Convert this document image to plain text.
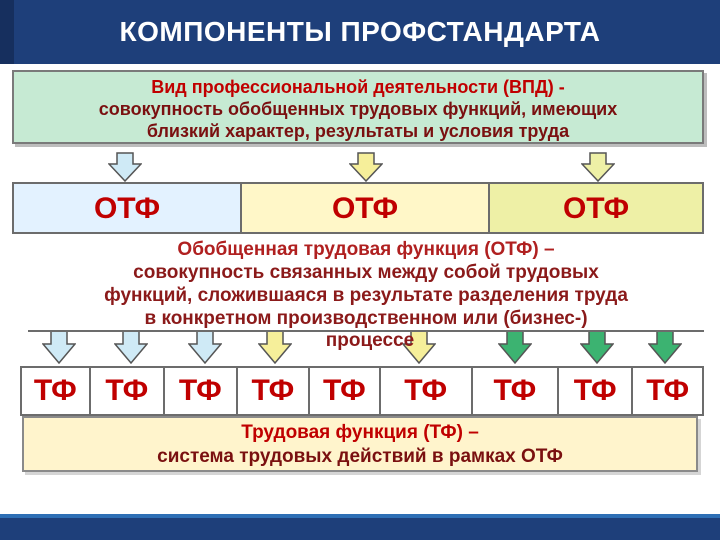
КОМПОНЕНТЫ ПРОФСТАНДАРТА
Вид профессиональной деятельности (ВПД) -
совокупность обобщенных трудовых функций, имеющих
близкий характер, результаты и условия труда
ОТФ	ОТФ	ОТФ
Обобщенная трудовая функция (ОТФ) –
совокупность связанных между собой трудовых
функций, сложившаяся в результате разделения труда
в конкретном производственном или (бизнес-)
процессе
ТФ ТФ ТФ ТФ ТФ ТФ ТФ ТФ ТФ
Трудовая функция (ТФ) –
система трудовых действий в рамках ОТФ
